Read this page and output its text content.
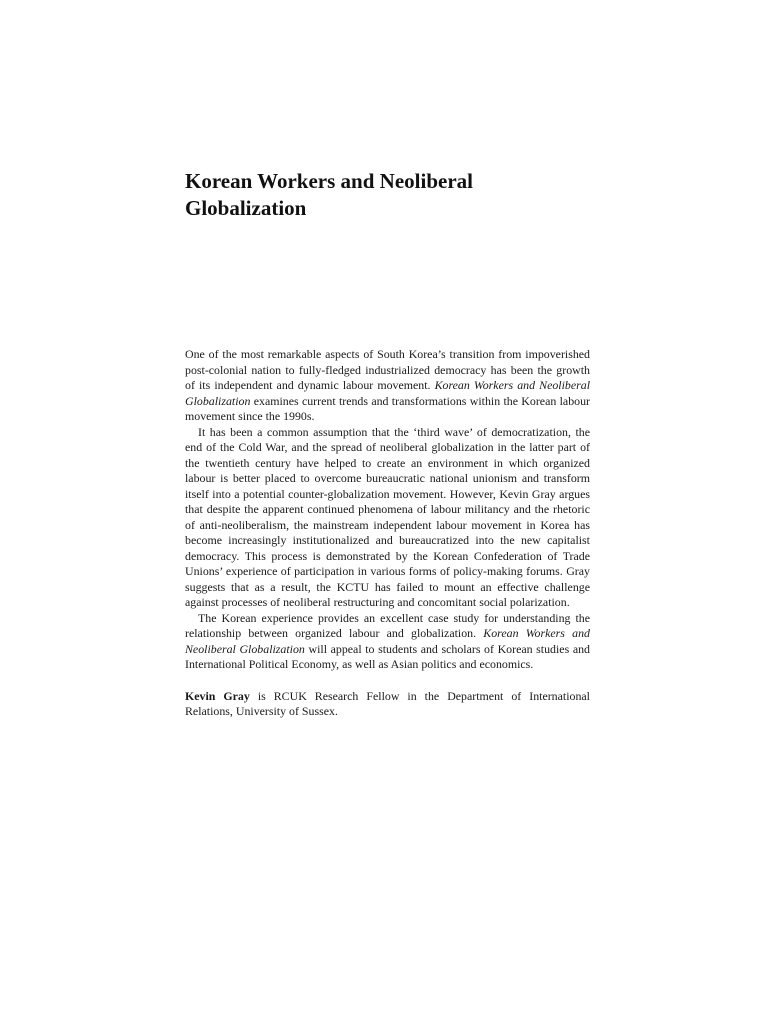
Korean Workers and Neoliberal
Globalization

One of the most remarkable aspects of South Korea’s transition from impoverished post-colonial nation to fully-fledged industrialized democracy has been the growth of its independent and dynamic labour movement. Korean Workers and Neoliberal Globalization examines current trends and transformations within the Korean labour movement since the 1990s.

It has been a common assumption that the ‘third wave’ of democratization, the end of the Cold War, and the spread of neoliberal globalization in the latter part of the twentieth century have helped to create an environment in which organized labour is better placed to overcome bureaucratic national unionism and transform itself into a potential counter-globalization movement. However, Kevin Gray argues that despite the apparent continued phenomena of labour militancy and the rhetoric of anti-neoliberalism, the mainstream independent labour movement in Korea has become increasingly institutionalized and bureaucratized into the new capitalist democracy. This process is demonstrated by the Korean Confederation of Trade Unions’ experience of participation in various forms of policy-making forums. Gray suggests that as a result, the KCTU has failed to mount an effective challenge against processes of neoliberal restructuring and concomitant social polarization.

The Korean experience provides an excellent case study for understanding the relationship between organized labour and globalization. Korean Workers and Neoliberal Globalization will appeal to students and scholars of Korean studies and International Political Economy, as well as Asian politics and economics.

Kevin Gray is RCUK Research Fellow in the Department of International Relations, University of Sussex.
